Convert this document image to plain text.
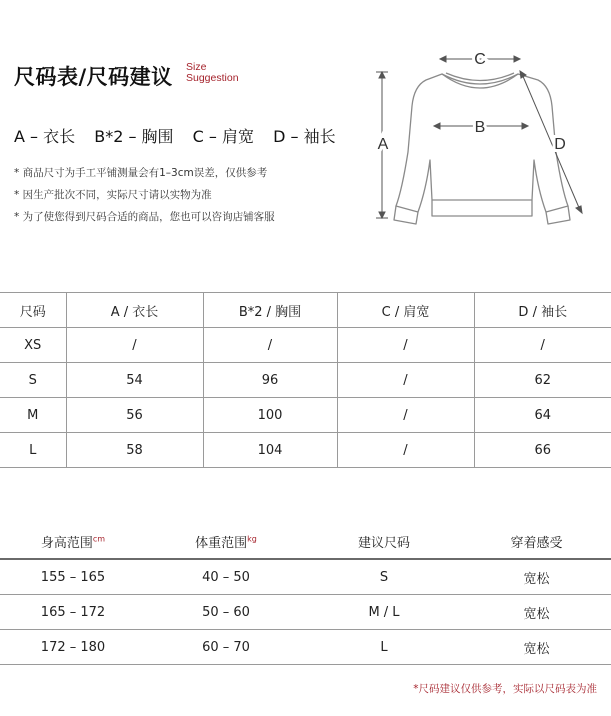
尺码表/尺码建议 Size
Suggestion
A – 衣长 B*2 – 胸围 C – 肩宽 D – 袖长
* 商品尺寸为手工平铺测量会有1–3cm误差，仅供参考
* 因生产批次不同，实际尺寸请以实物为准
* 为了使您得到尺码合适的商品，您也可以咨询店铺客服
C
B
A	D
尺码	A / 衣长	B*2 / 胸围	C / 肩宽	D / 袖长
XS	/	/	/	/
S	54	96	/	62
M	56	100	/	64
L	58	104	/	66
身高范围$^{cm}$	体重范围$^{kg}$	建议尺码	穿着感受
155 – 165	40 – 50	S	宽松
165 – 172	50 – 60	M / L	宽松
172 – 180	60 – 70	L	宽松
*尺码建议仅供参考，实际以尺码表为准
